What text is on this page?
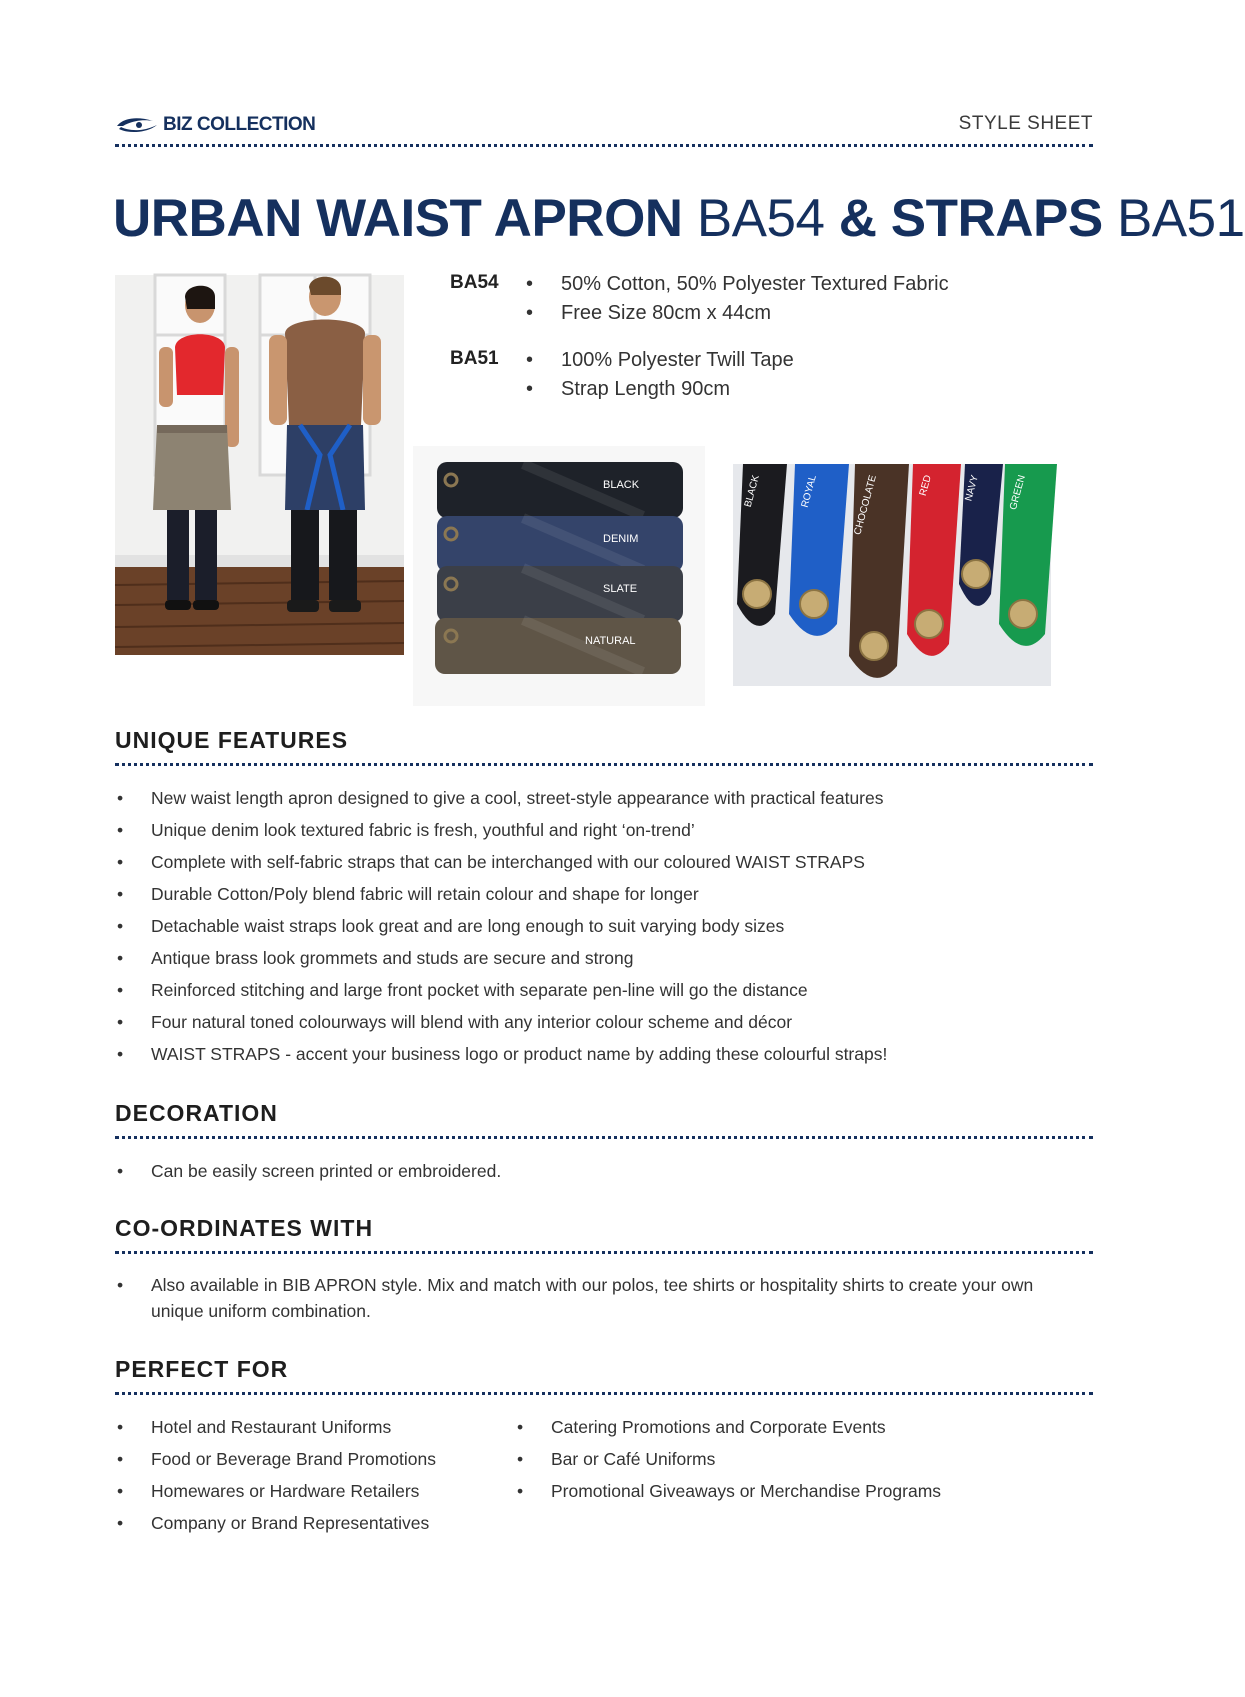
BIZ COLLECTION	STYLE SHEET
URBAN WAIST APRON BA54 & STRAPS BA51
BA54	• 50% Cotton, 50% Polyester Textured Fabric
• Free Size 80cm x 44cm
BA51	• 100% Polyester Twill Tape
• Strap Length 90cm
BLACK
DENIM
SLATE
NATURAL
BLACK	ROYAL	CHOCOLATE	RED	NAVY	GREEN
UNIQUE FEATURES
• New waist length apron designed to give a cool, street-style appearance with practical features
• Unique denim look textured fabric is fresh, youthful and right ‘on-trend’
• Complete with self-fabric straps that can be interchanged with our coloured WAIST STRAPS
• Durable Cotton/Poly blend fabric will retain colour and shape for longer
• Detachable waist straps look great and are long enough to suit varying body sizes
• Antique brass look grommets and studs are secure and strong
• Reinforced stitching and large front pocket with separate pen-line will go the distance
• Four natural toned colourways will blend with any interior colour scheme and décor
• WAIST STRAPS - accent your business logo or product name by adding these colourful straps!
DECORATION
• Can be easily screen printed or embroidered.
CO-ORDINATES WITH
• Also available in BIB APRON style. Mix and match with our polos, tee shirts or hospitality shirts to create your own unique uniform combination.
PERFECT FOR
• Hotel and Restaurant Uniforms
• Food or Beverage Brand Promotions
• Homewares or Hardware Retailers
• Company or Brand Representatives
• Catering Promotions and Corporate Events
• Bar or Café Uniforms
• Promotional Giveaways or Merchandise Programs
